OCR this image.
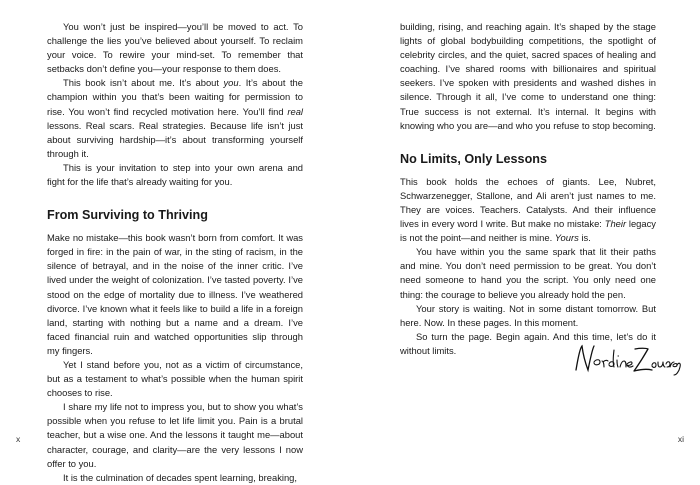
You won’t just be inspired—you’ll be moved to act. To challenge the lies you’ve believed about yourself. To reclaim your voice. To rewire your mind-set. To remember that setbacks don’t define you—your response to them does.

This book isn’t about me. It’s about you. It’s about the champion within you that’s been waiting for permission to rise. You won’t find recycled motivation here. You’ll find real lessons. Real scars. Real strategies. Because life isn’t just about surviving hardship—it’s about transforming yourself through it.

This is your invitation to step into your own arena and fight for the life that’s already waiting for you.

From Surviving to Thriving

Make no mistake—this book wasn’t born from comfort. It was forged in fire: in the pain of war, in the sting of racism, in the silence of betrayal, and in the noise of the inner critic. I’ve lived under the weight of colonization. I’ve tasted poverty. I’ve stood on the edge of mortality due to illness. I’ve weathered divorce. I’ve known what it feels like to build a life in a foreign land, starting with nothing but a name and a dream. I’ve faced financial ruin and watched opportunities slip through my fingers.

Yet I stand before you, not as a victim of circumstance, but as a testament to what’s possible when the human spirit chooses to rise.

I share my life not to impress you, but to show you what’s possible when you refuse to let life limit you. Pain is a brutal teacher, but a wise one. And the lessons it taught me—about character, courage, and clarity—are the very lessons I now offer to you.

It is the culmination of decades spent learning, breaking,

x

building, rising, and reaching again. It’s shaped by the stage lights of global bodybuilding competitions, the spotlight of celebrity circles, and the quiet, sacred spaces of healing and coaching. I’ve shared rooms with billionaires and spiritual seekers. I’ve spoken with presidents and washed dishes in silence. Through it all, I’ve come to understand one thing: True success is not external. It’s internal. It begins with knowing who you are—and who you refuse to stop becoming.

No Limits, Only Lessons

This book holds the echoes of giants. Lee, Nubret, Schwarzenegger, Stallone, and Ali aren’t just names to me. They are voices. Teachers. Catalysts. And their influence lives in every word I write. But make no mistake: Their legacy is not the point—and neither is mine. Yours is.

You have within you the same spark that lit their paths and mine. You don’t need permission to be great. You don’t need someone to hand you the script. You only need one thing: the courage to believe you already hold the pen.

Your story is waiting. Not in some distant tomorrow. But here. Now. In these pages. In this moment.

So turn the page. Begin again. And this time, let’s do it without limits.

xi
